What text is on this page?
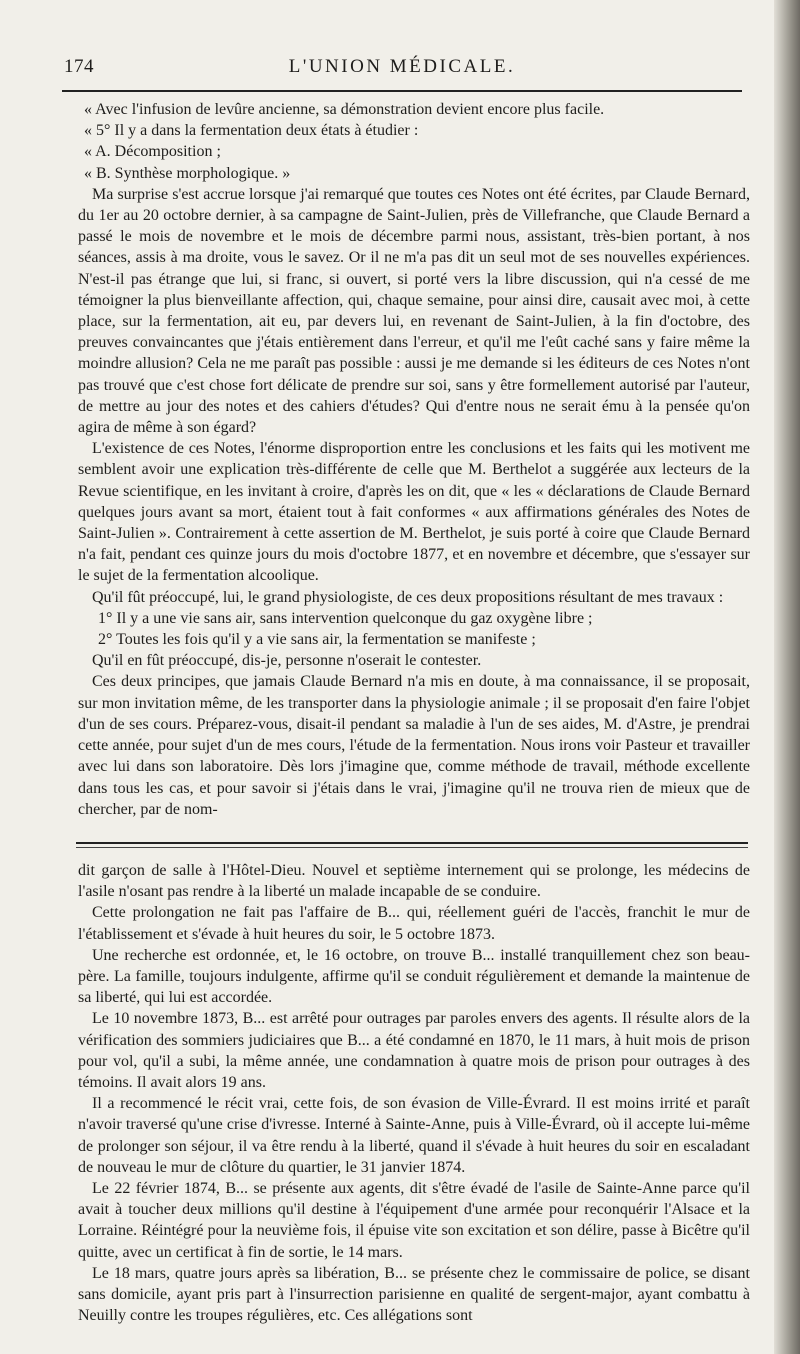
174	L'UNION MÉDICALE.

« Avec l'infusion de levûre ancienne, sa démonstration devient encore plus facile.

« 5° Il y a dans la fermentation deux états à étudier :

« A. Décomposition ;

« B. Synthèse morphologique. »

Ma surprise s'est accrue lorsque j'ai remarqué que toutes ces Notes ont été écrites, par Claude Bernard, du 1er au 20 octobre dernier, à sa campagne de Saint-Julien, près de Villefranche, que Claude Bernard a passé le mois de novembre et le mois de décembre parmi nous, assistant, très-bien portant, à nos séances, assis à ma droite, vous le savez. Or il ne m'a pas dit un seul mot de ses nouvelles expériences. N'est-il pas étrange que lui, si franc, si ouvert, si porté vers la libre discussion, qui n'a cessé de me témoigner la plus bienveillante affection, qui, chaque semaine, pour ainsi dire, causait avec moi, à cette place, sur la fermentation, ait eu, par devers lui, en revenant de Saint-Julien, à la fin d'octobre, des preuves convaincantes que j'étais entièrement dans l'erreur, et qu'il me l'eût caché sans y faire même la moindre allusion? Cela ne me paraît pas possible : aussi je me demande si les éditeurs de ces Notes n'ont pas trouvé que c'est chose fort délicate de prendre sur soi, sans y être formellement autorisé par l'auteur, de mettre au jour des notes et des cahiers d'études? Qui d'entre nous ne serait ému à la pensée qu'on agira de même à son égard?

L'existence de ces Notes, l'énorme disproportion entre les conclusions et les faits qui les motivent me semblent avoir une explication très-différente de celle que M. Berthelot a suggérée aux lecteurs de la Revue scientifique, en les invitant à croire, d'après les on dit, que « les « déclarations de Claude Bernard quelques jours avant sa mort, étaient tout à fait conformes « aux affirmations générales des Notes de Saint-Julien ». Contrairement à cette assertion de M. Berthelot, je suis porté à coire que Claude Bernard n'a fait, pendant ces quinze jours du mois d'octobre 1877, et en novembre et décembre, que s'essayer sur le sujet de la fermentation alcoolique.

Qu'il fût préoccupé, lui, le grand physiologiste, de ces deux propositions résultant de mes travaux :

1° Il y a une vie sans air, sans intervention quelconque du gaz oxygène libre ;

2° Toutes les fois qu'il y a vie sans air, la fermentation se manifeste ;

Qu'il en fût préoccupé, dis-je, personne n'oserait le contester.

Ces deux principes, que jamais Claude Bernard n'a mis en doute, à ma connaissance, il se proposait, sur mon invitation même, de les transporter dans la physiologie animale ; il se proposait d'en faire l'objet d'un de ses cours. Préparez-vous, disait-il pendant sa maladie à l'un de ses aides, M. d'Astre, je prendrai cette année, pour sujet d'un de mes cours, l'étude de la fermentation. Nous irons voir Pasteur et travailler avec lui dans son laboratoire. Dès lors j'imagine que, comme méthode de travail, méthode excellente dans tous les cas, et pour savoir si j'étais dans le vrai, j'imagine qu'il ne trouva rien de mieux que de chercher, par de nom-

dit garçon de salle à l'Hôtel-Dieu. Nouvel et septième internement qui se prolonge, les médecins de l'asile n'osant pas rendre à la liberté un malade incapable de se conduire.

Cette prolongation ne fait pas l'affaire de B... qui, réellement guéri de l'accès, franchit le mur de l'établissement et s'évade à huit heures du soir, le 5 octobre 1873.

Une recherche est ordonnée, et, le 16 octobre, on trouve B... installé tranquillement chez son beau-père. La famille, toujours indulgente, affirme qu'il se conduit régulièrement et demande la maintenue de sa liberté, qui lui est accordée.

Le 10 novembre 1873, B... est arrêté pour outrages par paroles envers des agents. Il résulte alors de la vérification des sommiers judiciaires que B... a été condamné en 1870, le 11 mars, à huit mois de prison pour vol, qu'il a subi, la même année, une condamnation à quatre mois de prison pour outrages à des témoins. Il avait alors 19 ans.

Il a recommencé le récit vrai, cette fois, de son évasion de Ville-Évrard. Il est moins irrité et paraît n'avoir traversé qu'une crise d'ivresse. Interné à Sainte-Anne, puis à Ville-Évrard, où il accepte lui-même de prolonger son séjour, il va être rendu à la liberté, quand il s'évade à huit heures du soir en escaladant de nouveau le mur de clôture du quartier, le 31 janvier 1874.

Le 22 février 1874, B... se présente aux agents, dit s'être évadé de l'asile de Sainte-Anne parce qu'il avait à toucher deux millions qu'il destine à l'équipement d'une armée pour reconquérir l'Alsace et la Lorraine. Réintégré pour la neuvième fois, il épuise vite son excitation et son délire, passe à Bicêtre qu'il quitte, avec un certificat à fin de sortie, le 14 mars.

Le 18 mars, quatre jours après sa libération, B... se présente chez le commissaire de police, se disant sans domicile, ayant pris part à l'insurrection parisienne en qualité de sergent-major, ayant combattu à Neuilly contre les troupes régulières, etc. Ces allégations sont
